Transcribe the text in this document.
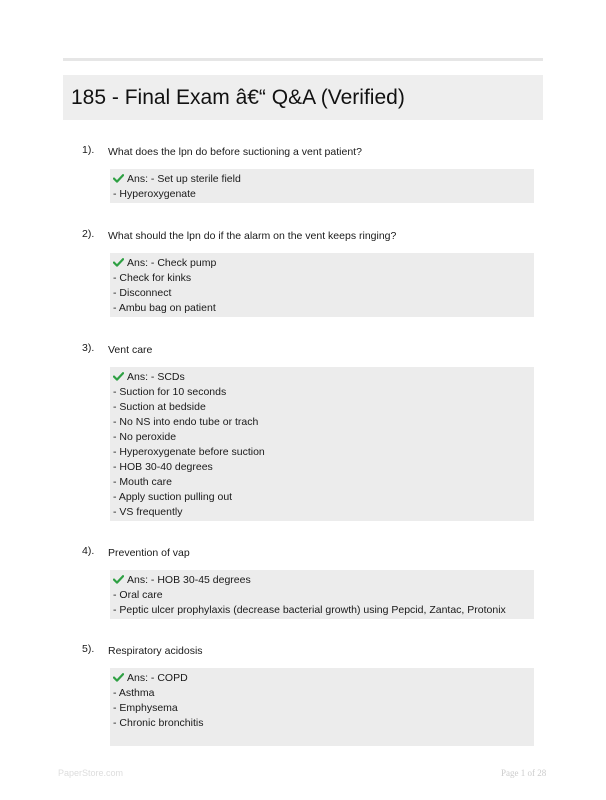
185 - Final Exam â€“ Q&A (Verified)
1). What does the lpn do before suctioning a vent patient?
Ans: - Set up sterile field
- Hyperoxygenate
2). What should the lpn do if the alarm on the vent keeps ringing?
Ans: - Check pump
- Check for kinks
- Disconnect
- Ambu bag on patient
3). Vent care
Ans: - SCDs
- Suction for 10 seconds
- Suction at bedside
- No NS into endo tube or trach
- No peroxide
- Hyperoxygenate before suction
- HOB 30-40 degrees
- Mouth care
- Apply suction pulling out
- VS frequently
4). Prevention of vap
Ans: - HOB 30-45 degrees
- Oral care
- Peptic ulcer prophylaxis (decrease bacterial growth) using Pepcid, Zantac, Protonix
5). Respiratory acidosis
Ans: - COPD
- Asthma
- Emphysema
- Chronic bronchitis
PaperStore.com	Page 1 of 28
